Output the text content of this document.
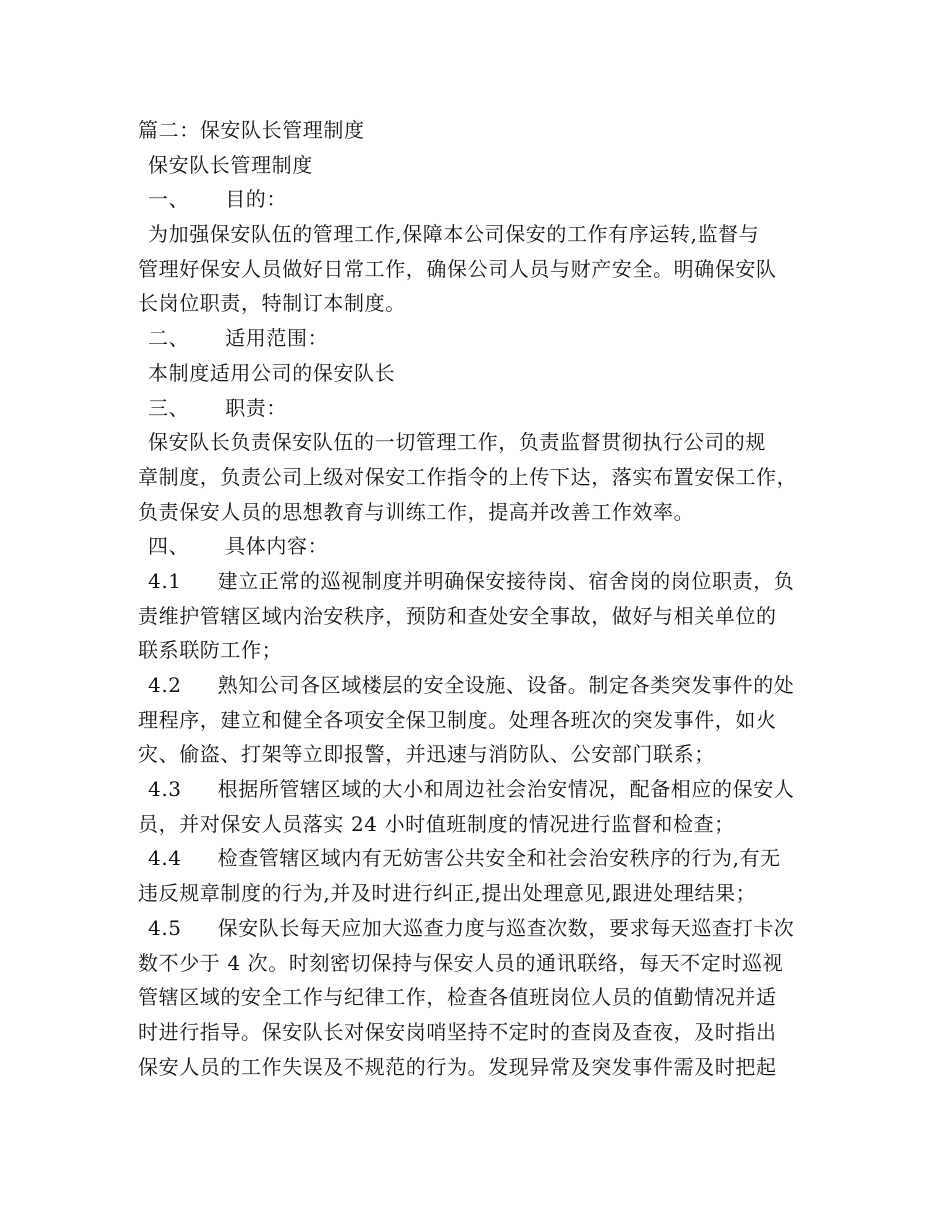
篇二：保安队长管理制度
保安队长管理制度
一、 目的：
为加强保安队伍的管理工作,保障本公司保安的工作有序运转,监督与
管理好保安人员做好日常工作，确保公司人员与财产安全。明确保安队
长岗位职责，特制订本制度。
二、 适用范围：
本制度适用公司的保安队长
三、 职责：
保安队长负责保安队伍的一切管理工作，负责监督贯彻执行公司的规
章制度，负责公司上级对保安工作指令的上传下达，落实布置安保工作，
负责保安人员的思想教育与训练工作，提高并改善工作效率。
四、 具体内容：
4.1 建立正常的巡视制度并明确保安接待岗、宿舍岗的岗位职责，负
责维护管辖区域内治安秩序，预防和查处安全事故，做好与相关单位的
联系联防工作；
4.2 熟知公司各区域楼层的安全设施、设备。制定各类突发事件的处
理程序，建立和健全各项安全保卫制度。处理各班次的突发事件，如火
灾、偷盗、打架等立即报警，并迅速与消防队、公安部门联系；
4.3 根据所管辖区域的大小和周边社会治安情况，配备相应的保安人
员，并对保安人员落实 24 小时值班制度的情况进行监督和检查；
4.4 检查管辖区域内有无妨害公共安全和社会治安秩序的行为,有无
违反规章制度的行为,并及时进行纠正,提出处理意见,跟进处理结果；
4.5 保安队长每天应加大巡查力度与巡查次数，要求每天巡查打卡次
数不少于 4 次。时刻密切保持与保安人员的通讯联络，每天不定时巡视
管辖区域的安全工作与纪律工作，检查各值班岗位人员的值勤情况并适
时进行指导。保安队长对保安岗哨坚持不定时的查岗及查夜，及时指出
保安人员的工作失误及不规范的行为。发现异常及突发事件需及时把起
